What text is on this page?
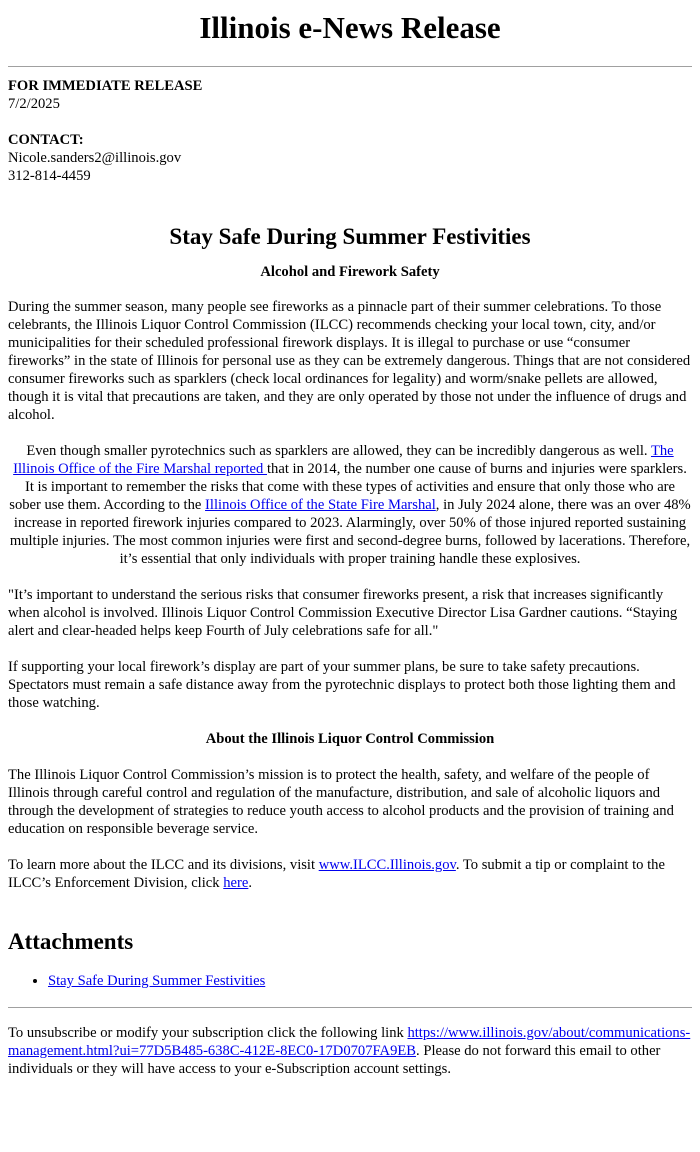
Illinois e-News Release
FOR IMMEDIATE RELEASE
7/2/2025
CONTACT:
Nicole.sanders2@illinois.gov
312-814-4459
Stay Safe During Summer Festivities
Alcohol and Firework Safety

During the summer season, many people see fireworks as a pinnacle part of their summer celebrations. To those celebrants, the Illinois Liquor Control Commission (ILCC) recommends checking your local town, city, and/or municipalities for their scheduled professional firework displays. It is illegal to purchase or use “consumer fireworks” in the state of Illinois for personal use as they can be extremely dangerous. Things that are not considered consumer fireworks such as sparklers (check local ordinances for legality) and worm/snake pellets are allowed, though it is vital that precautions are taken, and they are only operated by those not under the influence of drugs and alcohol.

Even though smaller pyrotechnics such as sparklers are allowed, they can be incredibly dangerous as well. The Illinois Office of the Fire Marshal reported that in 2014, the number one cause of burns and injuries were sparklers. It is important to remember the risks that come with these types of activities and ensure that only those who are sober use them. According to the Illinois Office of the State Fire Marshal, in July 2024 alone, there was an over 48% increase in reported firework injuries compared to 2023. Alarmingly, over 50% of those injured reported sustaining multiple injuries. The most common injuries were first and second-degree burns, followed by lacerations. Therefore, it’s essential that only individuals with proper training handle these explosives.

"It’s important to understand the serious risks that consumer fireworks present, a risk that increases significantly when alcohol is involved. Illinois Liquor Control Commission Executive Director Lisa Gardner cautions. “Staying alert and clear-headed helps keep Fourth of July celebrations safe for all."

If supporting your local firework’s display are part of your summer plans, be sure to take safety precautions. Spectators must remain a safe distance away from the pyrotechnic displays to protect both those lighting them and those watching.

About the Illinois Liquor Control Commission

The Illinois Liquor Control Commission’s mission is to protect the health, safety, and welfare of the people of Illinois through careful control and regulation of the manufacture, distribution, and sale of alcoholic liquors and through the development of strategies to reduce youth access to alcohol products and the provision of training and education on responsible beverage service.

To learn more about the ILCC and its divisions, visit www.ILCC.Illinois.gov. To submit a tip or complaint to the ILCC’s Enforcement Division, click here.

Attachments
• Stay Safe During Summer Festivities

To unsubscribe or modify your subscription click the following link https://www.illinois.gov/about/communications-management.html?ui=77D5B485-638C-412E-8EC0-17D0707FA9EB. Please do not forward this email to other individuals or they will have access to your e-Subscription account settings.
